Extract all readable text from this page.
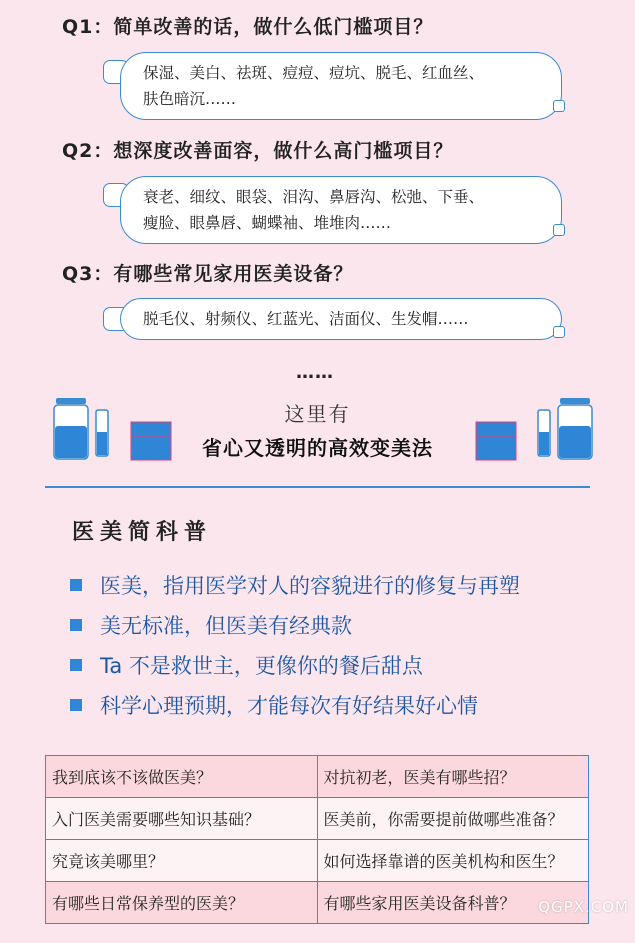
Q1：简单改善的话，做什么低门槛项目？
保湿、美白、祛斑、痘痘、痘坑、脱毛、红血丝、
肤色暗沉……
Q2：想深度改善面容，做什么高门槛项目？
衰老、细纹、眼袋、泪沟、鼻唇沟、松弛、下垂、
瘦脸、眼鼻唇、蝴蝶袖、堆堆肉……
Q3：有哪些常见家用医美设备？
脱毛仪、射频仪、红蓝光、洁面仪、生发帽……
……
这里有
省心又透明的高效变美法
医美简科普
医美，指用医学对人的容貌进行的修复与再塑
美无标准，但医美有经典款
Ta 不是救世主，更像你的餐后甜点
科学心理预期，才能每次有好结果好心情
我到底该不该做医美？	对抗初老，医美有哪些招？
入门医美需要哪些知识基础？	医美前，你需要提前做哪些准备？
究竟该美哪里？	如何选择靠谱的医美机构和医生？
有哪些日常保养型的医美？	有哪些家用医美设备科普？ QGPX.COM
